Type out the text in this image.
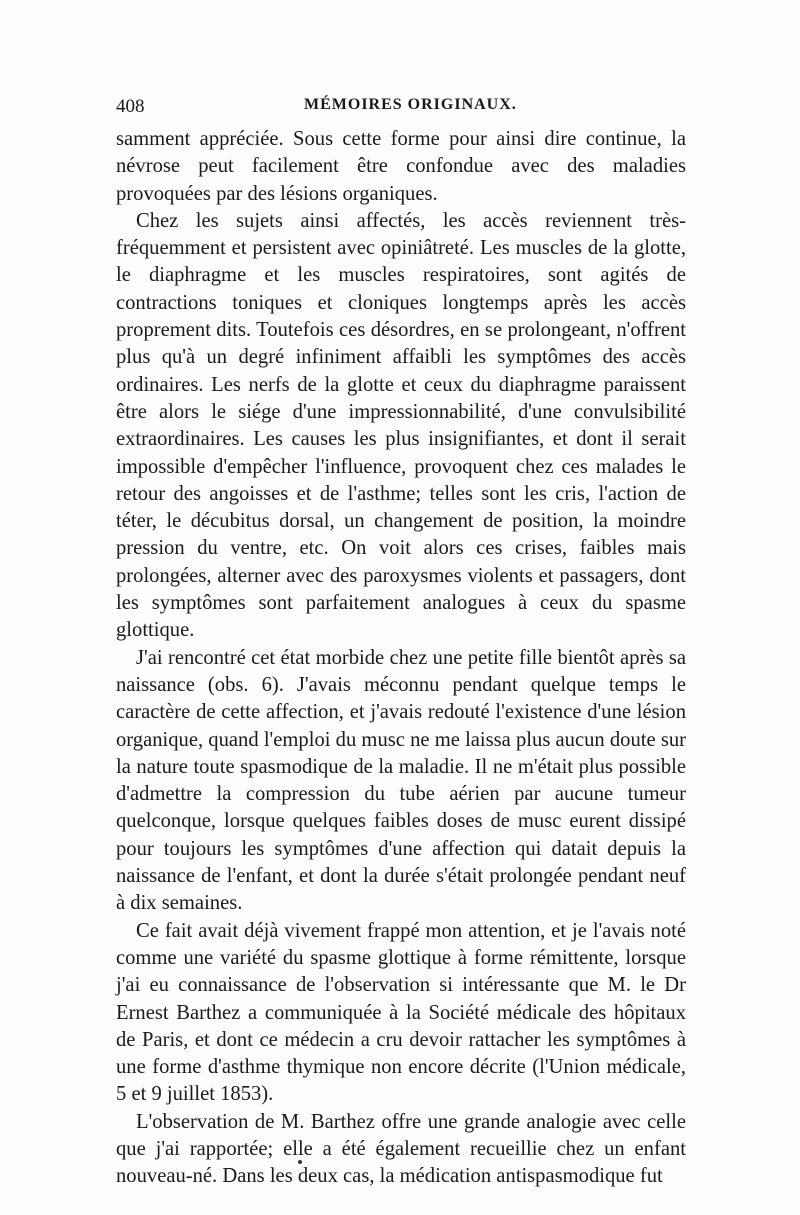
408	MÉMOIRES ORIGINAUX.

samment appréciée. Sous cette forme pour ainsi dire continue, la névrose peut facilement être confondue avec des maladies provoquées par des lésions organiques.

Chez les sujets ainsi affectés, les accès reviennent très-fréquemment et persistent avec opiniâtreté. Les muscles de la glotte, le diaphragme et les muscles respiratoires, sont agités de contractions toniques et cloniques longtemps après les accès proprement dits. Toutefois ces désordres, en se prolongeant, n'offrent plus qu'à un degré infiniment affaibli les symptômes des accès ordinaires. Les nerfs de la glotte et ceux du diaphragme paraissent être alors le siége d'une impressionnabilité, d'une convulsibilité extraordinaires. Les causes les plus insignifiantes, et dont il serait impossible d'empêcher l'influence, provoquent chez ces malades le retour des angoisses et de l'asthme; telles sont les cris, l'action de téter, le décubitus dorsal, un changement de position, la moindre pression du ventre, etc. On voit alors ces crises, faibles mais prolongées, alterner avec des paroxysmes violents et passagers, dont les symptômes sont parfaitement analogues à ceux du spasme glottique.

J'ai rencontré cet état morbide chez une petite fille bientôt après sa naissance (obs. 6). J'avais méconnu pendant quelque temps le caractère de cette affection, et j'avais redouté l'existence d'une lésion organique, quand l'emploi du musc ne me laissa plus aucun doute sur la nature toute spasmodique de la maladie. Il ne m'était plus possible d'admettre la compression du tube aérien par aucune tumeur quelconque, lorsque quelques faibles doses de musc eurent dissipé pour toujours les symptômes d'une affection qui datait depuis la naissance de l'enfant, et dont la durée s'était prolongée pendant neuf à dix semaines.

Ce fait avait déjà vivement frappé mon attention, et je l'avais noté comme une variété du spasme glottique à forme rémittente, lorsque j'ai eu connaissance de l'observation si intéressante que M. le Dr Ernest Barthez a communiquée à la Société médicale des hôpitaux de Paris, et dont ce médecin a cru devoir rattacher les symptômes à une forme d'asthme thymique non encore décrite (l'Union médicale, 5 et 9 juillet 1853).

L'observation de M. Barthez offre une grande analogie avec celle que j'ai rapportée; elle a été également recueillie chez un enfant nouveau-né. Dans les deux cas, la médication antispasmodique fut
